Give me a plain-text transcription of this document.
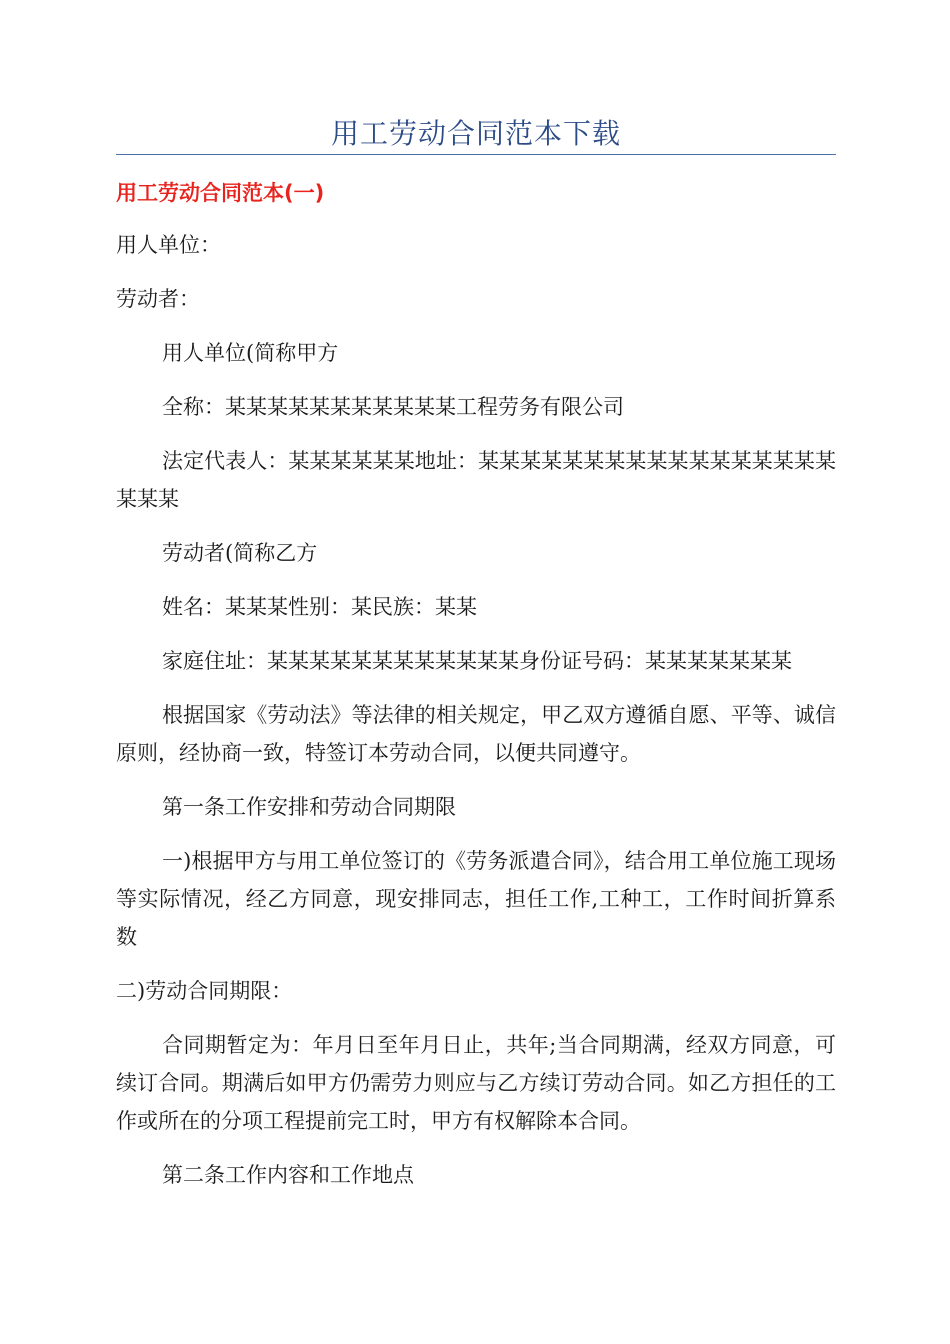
用工劳动合同范本下载
用工劳动合同范本(一)

用人单位：

劳动者：

用人单位(简称甲方

全称：某某某某某某某某某某某工程劳务有限公司

法定代表人：某某某某某某地址：某某某某某某某某某某某某某某某某某某某某

劳动者(简称乙方

姓名：某某某性别：某民族：某某

家庭住址：某某某某某某某某某某某某身份证号码：某某某某某某某

根据国家《劳动法》等法律的相关规定，甲乙双方遵循自愿、平等、诚信原则，经协商一致，特签订本劳动合同，以便共同遵守。

第一条工作安排和劳动合同期限

一)根据甲方与用工单位签订的《劳务派遣合同》，结合用工单位施工现场等实际情况，经乙方同意，现安排同志，担任工作,工种工，工作时间折算系数

二)劳动合同期限：

合同期暂定为：年月日至年月日止，共年;当合同期满，经双方同意，可续订合同。期满后如甲方仍需劳力则应与乙方续订劳动合同。如乙方担任的工作或所在的分项工程提前完工时，甲方有权解除本合同。

第二条工作内容和工作地点
